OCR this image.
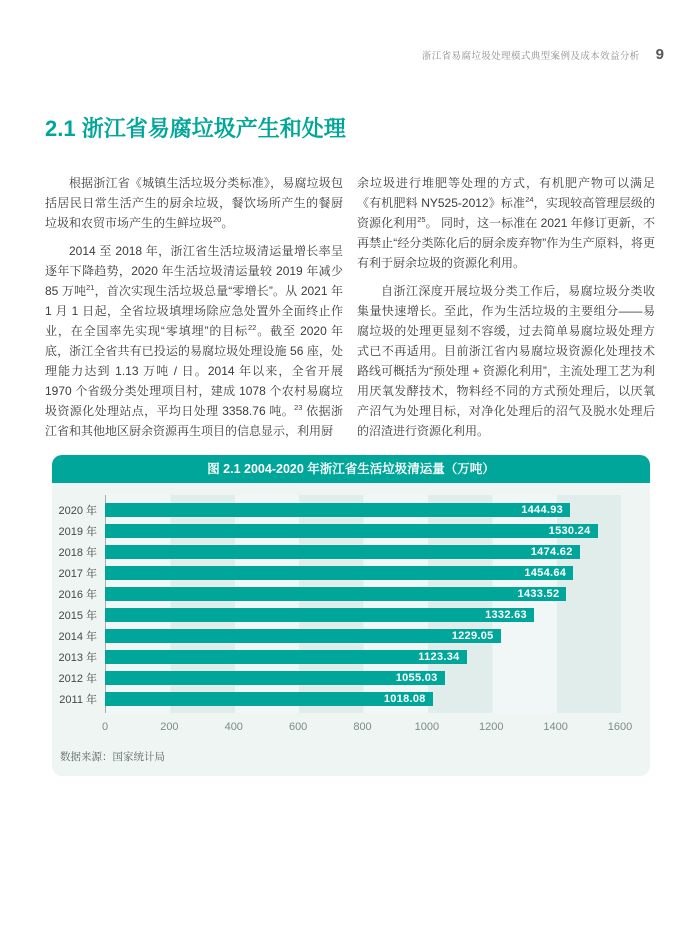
浙江省易腐垃圾处理模式典型案例及成本效益分析 9
2.1 浙江省易腐垃圾产生和处理

根据浙江省《城镇生活垃圾分类标准》，易腐垃圾包括居民日常生活产生的厨余垃圾，餐饮场所产生的餐厨垃圾和农贸市场产生的生鲜垃圾$^{20}$。

2014 至 2018 年，浙江省生活垃圾清运量增长率呈逐年下降趋势，2020 年生活垃圾清运量较 2019 年减少 85 万吨$^{21}$，首次实现生活垃圾总量“零增长”。从 2021 年 1 月 1 日起，全省垃圾填埋场除应急处置外全面终止作业，在全国率先实现“零填埋”的目标$^{22}$。截至 2020 年底，浙江全省共有已投运的易腐垃圾处理设施 56 座，处理能力达到 1.13 万吨 / 日。2014 年以来，全省开展 1970 个省级分类处理项目村，建成 1078 个农村易腐垃圾资源化处理站点，平均日处理 3358.76 吨。$^{23}$ 依据浙江省和其他地区厨余资源再生项目的信息显示，利用厨

余垃圾进行堆肥等处理的方式，有机肥产物可以满足《有机肥料 NY525-2012》标准$^{24}$，实现较高管理层级的资源化利用$^{25}$。 同时，这一标准在 2021 年修订更新，不再禁止“经分类陈化后的厨余废弃物”作为生产原料，将更有利于厨余垃圾的资源化利用。

自浙江深度开展垃圾分类工作后，易腐垃圾分类收集量快速增长。至此，作为生活垃圾的主要组分——易腐垃圾的处理更显刻不容缓，过去简单易腐垃圾处理方式已不再适用。目前浙江省内易腐垃圾资源化处理技术路线可概括为“预处理 + 资源化利用”，主流处理工艺为利用厌氧发酵技术，物料经不同的方式预处理后，以厌氧产沼气为处理目标，对净化处理后的沼气及脱水处理后的沼渣进行资源化利用。

图 2.1 2004-2020 年浙江省生活垃圾清运量（万吨）
2020 年	1444.93
2019 年	1530.24
2018 年	1474.62
2017 年	1454.64
2016 年	1433.52
2015 年	1332.63
2014 年	1229.05
2013 年	1123.34
2012 年	1055.03
2011 年	1018.08
0	200	400	600	800	1000	1200	1400	1600
数据来源：国家统计局
